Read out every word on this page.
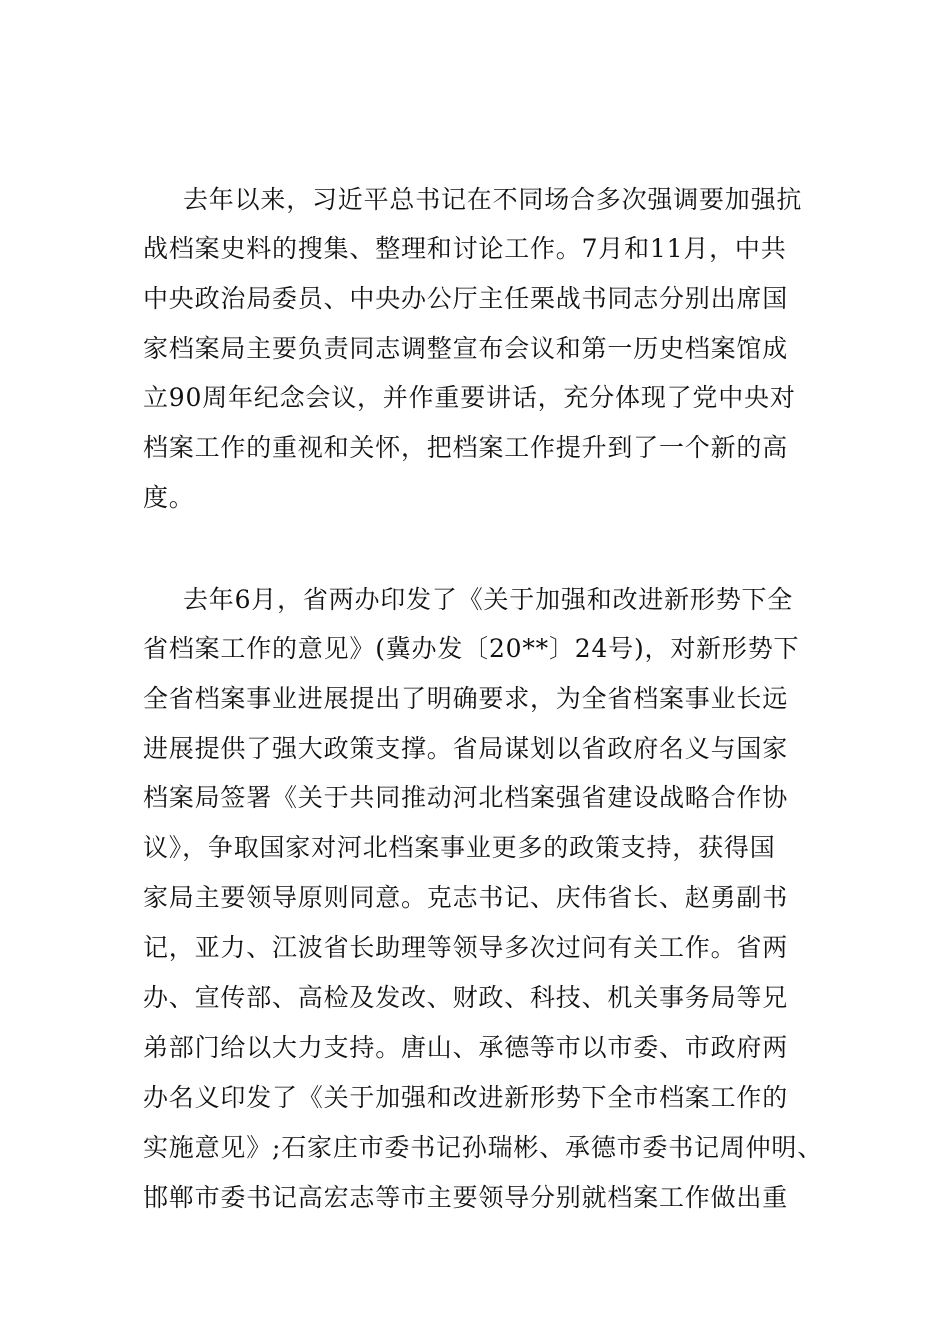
去年以来，习近平总书记在不同场合多次强调要加强抗
战档案史料的搜集、整理和讨论工作。7月和11月，中共
中央政治局委员、中央办公厅主任栗战书同志分别出席国
家档案局主要负责同志调整宣布会议和第一历史档案馆成
立90周年纪念会议，并作重要讲话，充分体现了党中央对
档案工作的重视和关怀，把档案工作提升到了一个新的高
度。
去年6月，省两办印发了《关于加强和改进新形势下全
省档案工作的意见》(冀办发〔20**〕24号)，对新形势下
全省档案事业进展提出了明确要求，为全省档案事业长远
进展提供了强大政策支撑。省局谋划以省政府名义与国家
档案局签署《关于共同推动河北档案强省建设战略合作协
议》，争取国家对河北档案事业更多的政策支持，获得国
家局主要领导原则同意。克志书记、庆伟省长、赵勇副书
记，亚力、江波省长助理等领导多次过问有关工作。省两
办、宣传部、高检及发改、财政、科技、机关事务局等兄
弟部门给以大力支持。唐山、承德等市以市委、市政府两
办名义印发了《关于加强和改进新形势下全市档案工作的
实施意见》;石家庄市委书记孙瑞彬、承德市委书记周仲明、
邯郸市委书记高宏志等市主要领导分别就档案工作做出重
